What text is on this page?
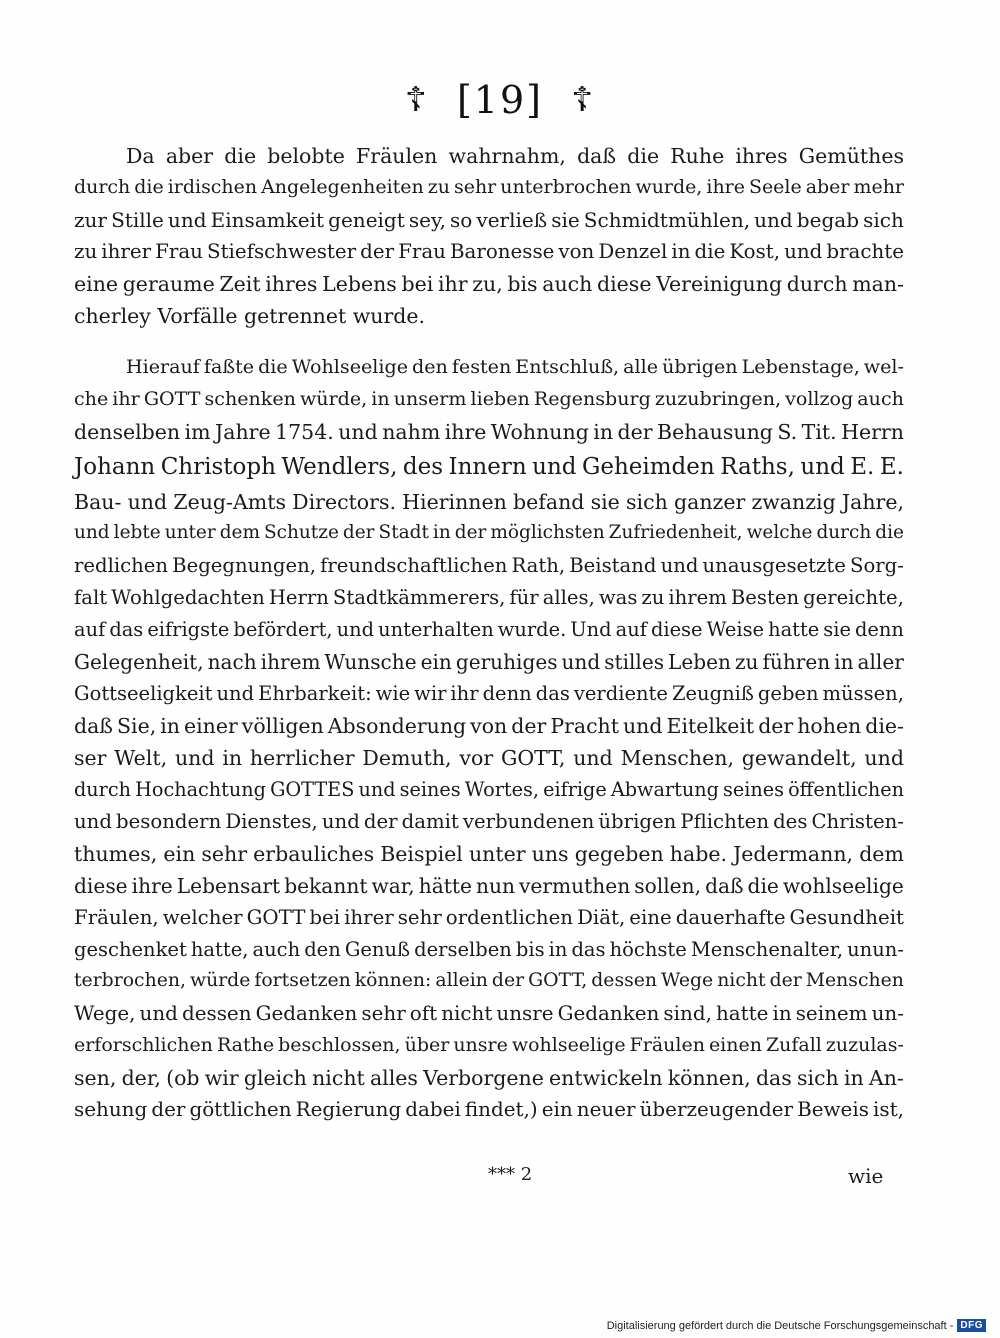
☦ [19] ☦
Da aber die belobte Fräulen wahrnahm, daß die Ruhe ihres Gemüthes
durch die irdischen Angelegenheiten zu sehr unterbrochen wurde, ihre Seele aber mehr
zur Stille und Einsamkeit geneigt sey, so verließ sie Schmidtmühlen, und begab sich
zu ihrer Frau Stiefschwester der Frau Baronesse von Denzel in die Kost, und brachte
eine geraume Zeit ihres Lebens bei ihr zu, bis auch diese Vereinigung durch man-
cherley Vorfälle getrennet wurde.
Hierauf faßte die Wohlseelige den festen Entschluß, alle übrigen Lebenstage, wel-
che ihr GOTT schenken würde, in unserm lieben Regensburg zuzubringen, vollzog auch
denselben im Jahre 1754. und nahm ihre Wohnung in der Behausung S. Tit. Herrn
Johann Christoph Wendlers, des Innern und Geheimden Raths, und E. E.
Bau- und Zeug-Amts Directors. Hierinnen befand sie sich ganzer zwanzig Jahre,
und lebte unter dem Schutze der Stadt in der möglichsten Zufriedenheit, welche durch die
redlichen Begegnungen, freundschaftlichen Rath, Beistand und unausgesetzte Sorg-
falt Wohlgedachten Herrn Stadtkämmerers, für alles, was zu ihrem Besten gereichte,
auf das eifrigste befördert, und unterhalten wurde. Und auf diese Weise hatte sie denn
Gelegenheit, nach ihrem Wunsche ein geruhiges und stilles Leben zu führen in aller
Gottseeligkeit und Ehrbarkeit: wie wir ihr denn das verdiente Zeugniß geben müssen,
daß Sie, in einer völligen Absonderung von der Pracht und Eitelkeit der hohen die-
ser Welt, und in herrlicher Demuth, vor GOTT, und Menschen, gewandelt, und
durch Hochachtung GOTTES und seines Wortes, eifrige Abwartung seines öffentlichen
und besondern Dienstes, und der damit verbundenen übrigen Pflichten des Christen-
thumes, ein sehr erbauliches Beispiel unter uns gegeben habe. Jedermann, dem
diese ihre Lebensart bekannt war, hätte nun vermuthen sollen, daß die wohlseelige
Fräulen, welcher GOTT bei ihrer sehr ordentlichen Diät, eine dauerhafte Gesundheit
geschenket hatte, auch den Genuß derselben bis in das höchste Menschenalter, unun-
terbrochen, würde fortsetzen können: allein der GOTT, dessen Wege nicht der Menschen
Wege, und dessen Gedanken sehr oft nicht unsre Gedanken sind, hatte in seinem un-
erforschlichen Rathe beschlossen, über unsre wohlseelige Fräulen einen Zufall zuzulas-
sen, der, (ob wir gleich nicht alles Verborgene entwickeln können, das sich in An-
sehung der göttlichen Regierung dabei findet,) ein neuer überzeugender Beweis ist,
*** 2	wie
Digitalisierung gefördert durch die Deutsche Forschungsgemeinschaft - DFG
